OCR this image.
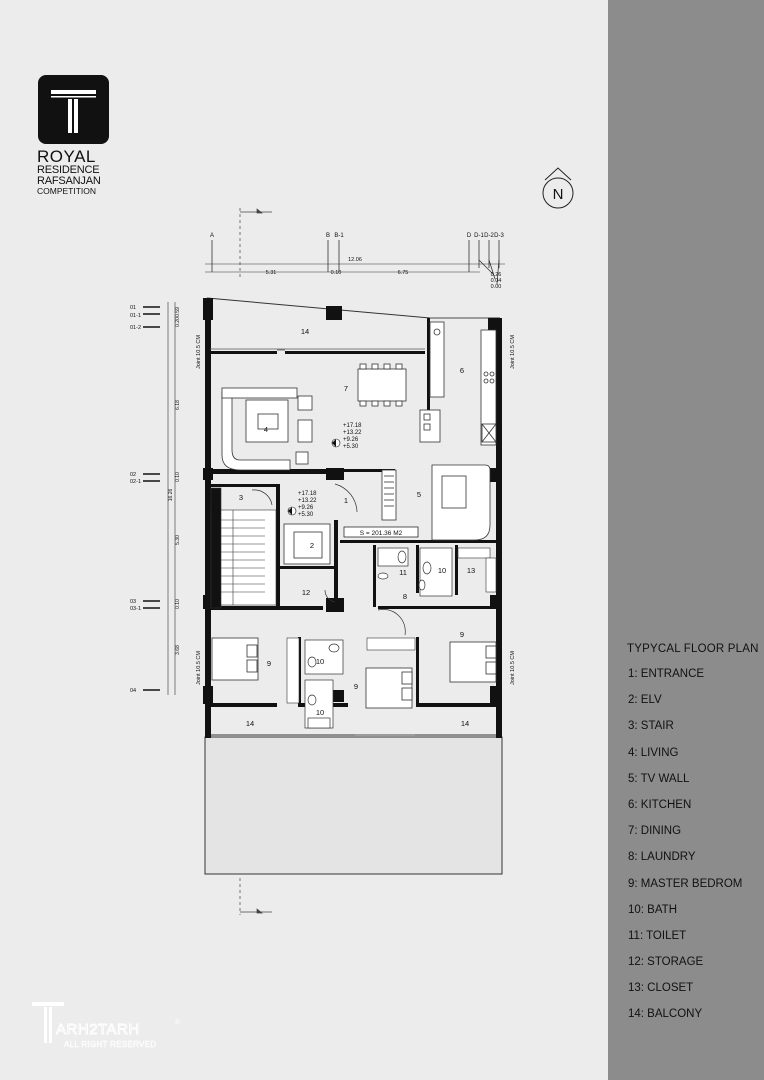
ROYAL
RESIDENCE
RAFSANJAN
COMPETITION	N
A	B B-1	D D-1 D-2 D-3
12.06
5.31	0.10	6.75	0.26
0.04
0.00
01
01-1
01-2
02
02-1
03
03-1
04
0.59
0.20
6.18
0.10
16.26
5.30
0.10
3.68
Joint 10.5 CM	Joint 10.5 CM
Joint 10.5 CM	Joint 10.5 CM
14
6
7
4
1
3	5
2
12
11	10	13
8
9	10
9
10
9
14	14
+17.18
+13.22
+9.26
+5.30
+17.18
+13.22
+9.26
+5.30
S = 201.36 M2
TYPYCAL FLOOR PLAN
1: ENTRANCE
2: ELV
3: STAIR
4: LIVING
5: TV WALL
6: KITCHEN
7: DINING
8: LAUNDRY
9: MASTER BEDROM
10: BATH
11: TOILET
12: STORAGE
13: CLOSET
14: BALCONY
ARH2TARH	©
ALL RIGHT RESERVED
